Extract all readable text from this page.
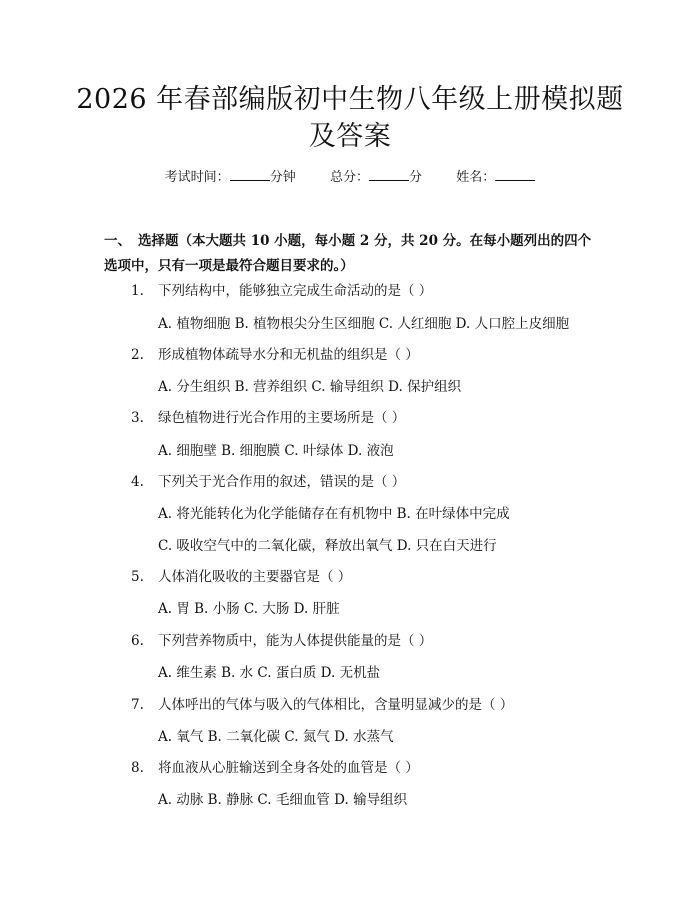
2026 年春部编版初中生物八年级上册模拟题
及答案
考试时间：	分钟	总分：	分	姓名：
一、 选择题（本大题共 10 小题，每小题 2 分，共 20 分。在每小题列出的四个选项中，只有一项是最符合题目要求的。）
1. 下列结构中，能够独立完成生命活动的是（ ）
A. 植物细胞 B. 植物根尖分生区细胞 C. 人红细胞 D. 人口腔上皮细胞
2. 形成植物体疏导水分和无机盐的组织是（ ）
A. 分生组织 B. 营养组织 C. 输导组织 D. 保护组织
3. 绿色植物进行光合作用的主要场所是（ ）
A. 细胞壁 B. 细胞膜 C. 叶绿体 D. 液泡
4. 下列关于光合作用的叙述，错误的是（ ）
A. 将光能转化为化学能储存在有机物中 B. 在叶绿体中完成
C. 吸收空气中的二氧化碳，释放出氧气 D. 只在白天进行
5. 人体消化吸收的主要器官是（ ）
A. 胃 B. 小肠 C. 大肠 D. 肝脏
6. 下列营养物质中，能为人体提供能量的是（ ）
A. 维生素 B. 水 C. 蛋白质 D. 无机盐
7. 人体呼出的气体与吸入的气体相比，含量明显减少的是（ ）
A. 氧气 B. 二氧化碳 C. 氮气 D. 水蒸气
8. 将血液从心脏输送到全身各处的血管是（ ）
A. 动脉 B. 静脉 C. 毛细血管 D. 输导组织
